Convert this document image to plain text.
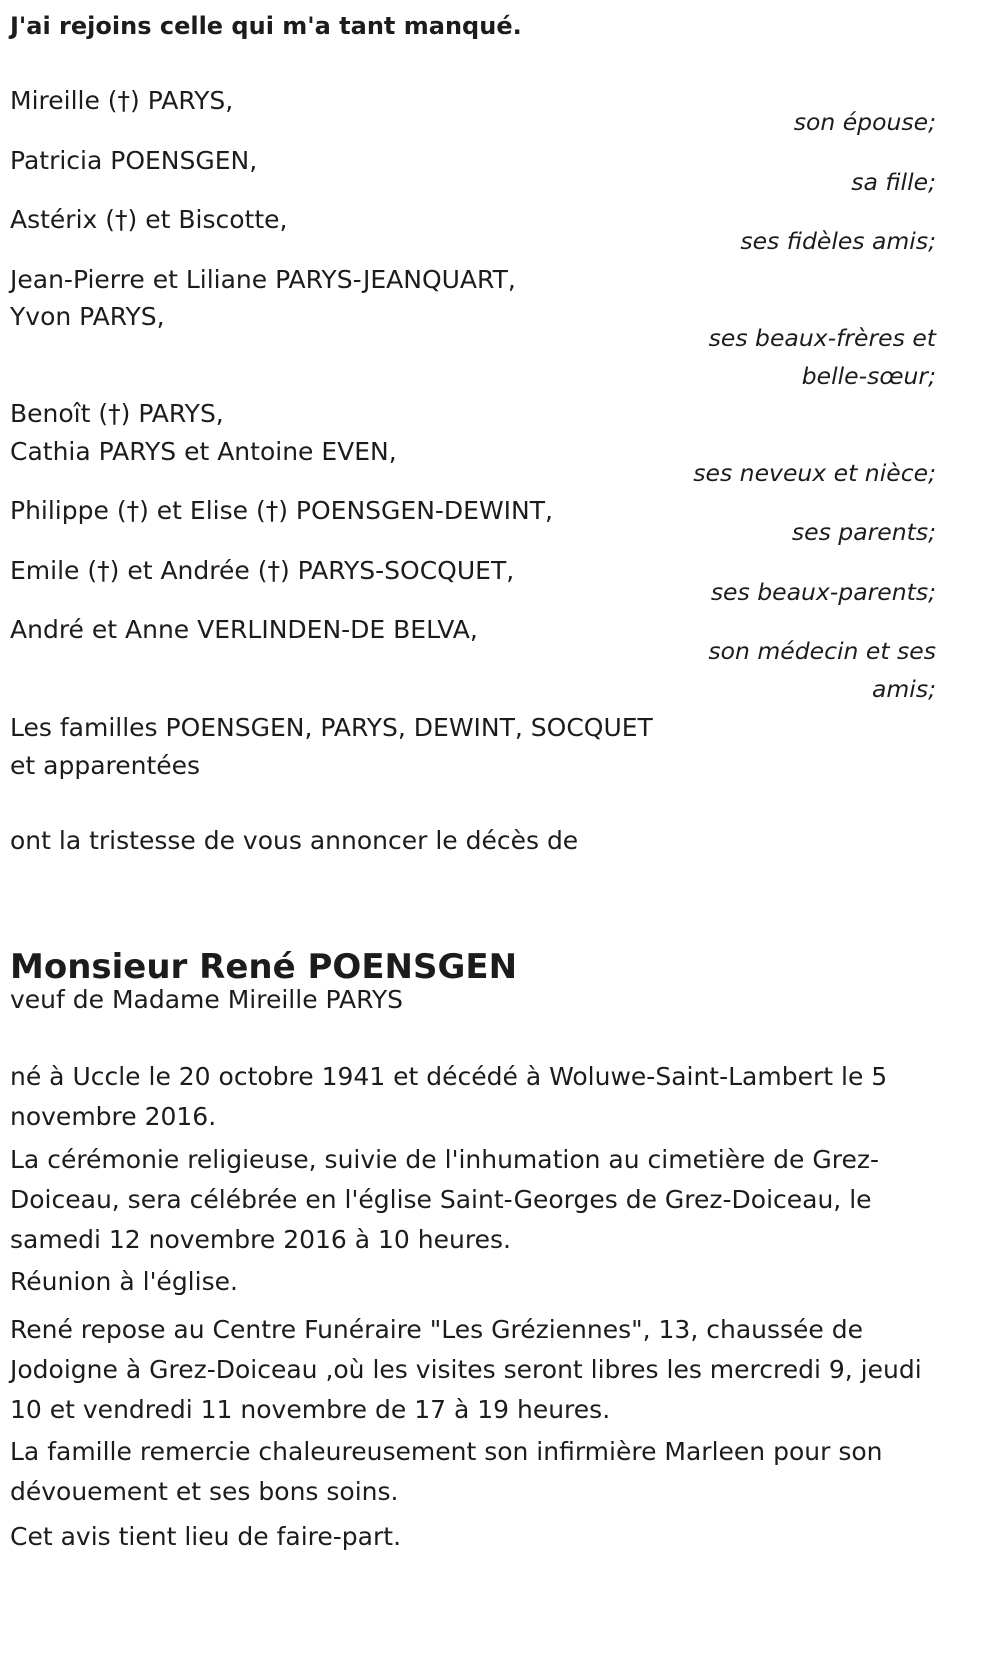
J'ai rejoins celle qui m'a tant manqué.
Mireille (†) PARYS,
son épouse;
Patricia POENSGEN,
sa fille;
Astérix (†) et Biscotte,
ses fidèles amis;
Jean-Pierre et Liliane PARYS-JEANQUART,
Yvon PARYS,
ses beaux-frères et
belle-sœur;
Benoît (†) PARYS,
Cathia PARYS et Antoine EVEN,
ses neveux et nièce;
Philippe (†) et Elise (†) POENSGEN-DEWINT,
ses parents;
Emile (†) et Andrée (†) PARYS-SOCQUET,
ses beaux-parents;
André et Anne VERLINDEN-DE BELVA,
son médecin et ses
amis;
Les familles POENSGEN, PARYS, DEWINT, SOCQUET
et apparentées
ont la tristesse de vous annoncer le décès de
Monsieur René POENSGEN
veuf de Madame Mireille PARYS
né à Uccle le 20 octobre 1941 et décédé à Woluwe-Saint-Lambert le 5 novembre 2016.
La cérémonie religieuse, suivie de l'inhumation au cimetière de Grez-Doiceau, sera célébrée en l'église Saint-Georges de Grez-Doiceau, le samedi 12 novembre 2016 à 10 heures.
Réunion à l'église.
René repose au Centre Funéraire "Les Gréziennes", 13, chaussée de Jodoigne à Grez-Doiceau ,où les visites seront libres les mercredi 9, jeudi 10 et vendredi 11 novembre de 17 à 19 heures.
La famille remercie chaleureusement son infirmière Marleen pour son dévouement et ses bons soins.
Cet avis tient lieu de faire-part.
